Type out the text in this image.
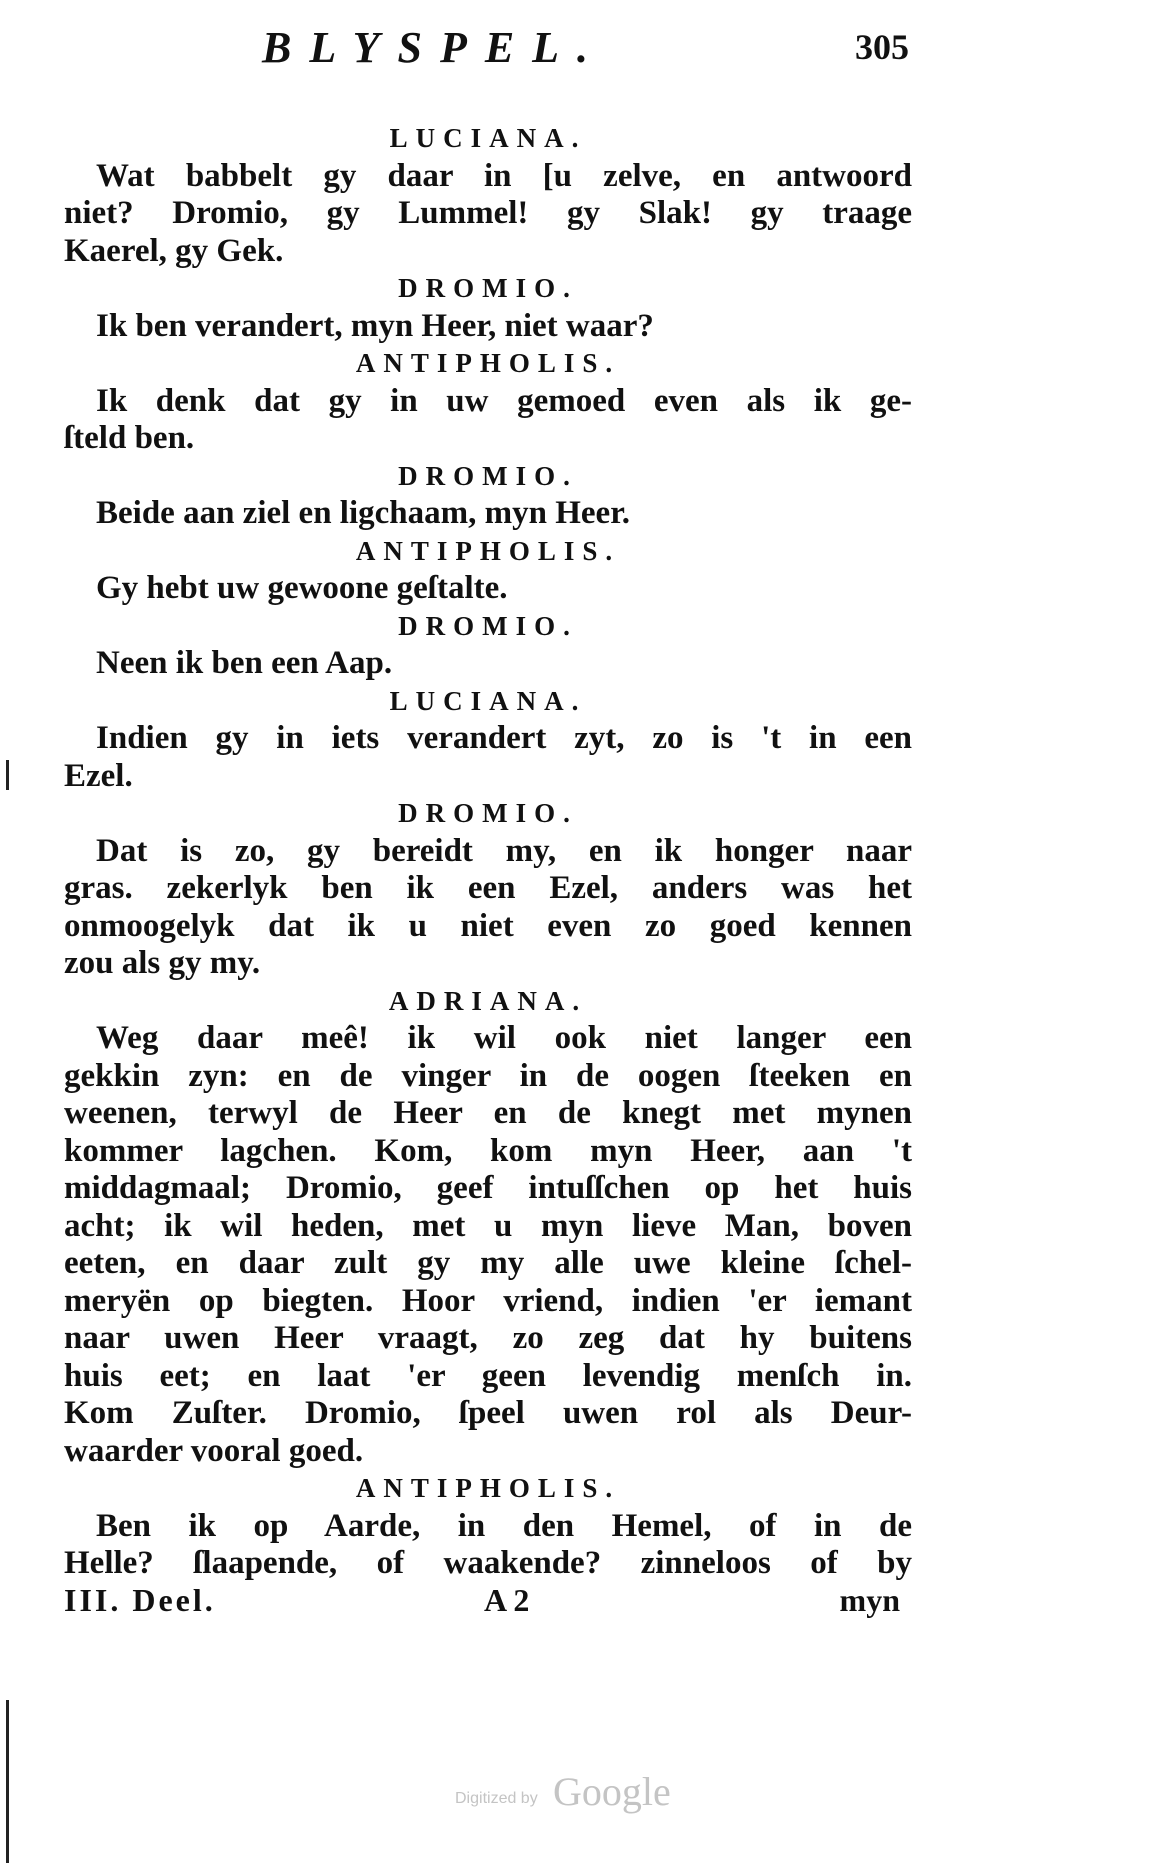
BLYSPEL.	305
LUCIANA.
Wat babbelt gy daar in [u zelve, en antwoord
niet? Dromio, gy Lummel! gy Slak! gy traage
Kaerel, gy Gek.
DROMIO.
Ik ben verandert, myn Heer, niet waar?
ANTIPHOLIS.
Ik denk dat gy in uw gemoed even als ik ge-
ſteld ben.
DROMIO.
Beide aan ziel en ligchaam, myn Heer.
ANTIPHOLIS.
Gy hebt uw gewoone geſtalte.
DROMIO.
Neen ik ben een Aap.
LUCIANA.
Indien gy in iets verandert zyt, zo is 't in een
Ezel.
DROMIO.
Dat is zo, gy bereidt my, en ik honger naar
gras. zekerlyk ben ik een Ezel, anders was het
onmoogelyk dat ik u niet even zo goed kennen
zou als gy my.
ADRIANA.
Weg daar meê! ik wil ook niet langer een
gekkin zyn: en de vinger in de oogen ſteeken en
weenen, terwyl de Heer en de knegt met mynen
kommer lagchen. Kom, kom myn Heer, aan 't
middagmaal; Dromio, geef intuſſchen op het huis
acht; ik wil heden, met u myn lieve Man, boven
eeten, en daar zult gy my alle uwe kleine ſchel-
meryën op biegten. Hoor vriend, indien 'er iemant
naar uwen Heer vraagt, zo zeg dat hy buitens
huis eet; en laat 'er geen levendig menſch in.
Kom Zuſter. Dromio, ſpeel uwen rol als Deur-
waarder vooral goed.
ANTIPHOLIS.
Ben ik op Aarde, in den Hemel, of in de
Helle? ſlaapende, of waakende? zinneloos of by
III. Deel.	A 2	myn
Digitized by Google
